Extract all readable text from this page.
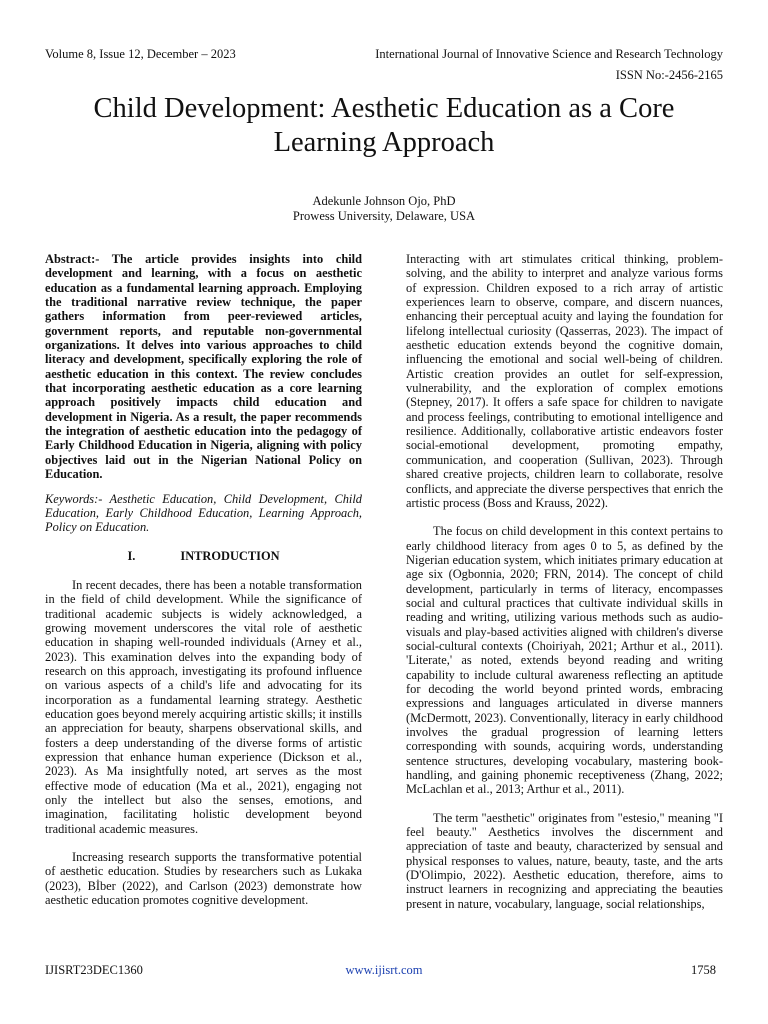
Volume 8, Issue 12, December – 2023	International Journal of Innovative Science and Research Technology
ISSN No:-2456-2165
Child Development: Aesthetic Education as a Core Learning Approach
Adekunle Johnson Ojo, PhD
Prowess University, Delaware, USA

Abstract:- The article provides insights into child development and learning, with a focus on aesthetic education as a fundamental learning approach. Employing the traditional narrative review technique, the paper gathers information from peer-reviewed articles, government reports, and reputable non-governmental organizations. It delves into various approaches to child literacy and development, specifically exploring the role of aesthetic education in this context. The review concludes that incorporating aesthetic education as a core learning approach positively impacts child education and development in Nigeria. As a result, the paper recommends the integration of aesthetic education into the pedagogy of Early Childhood Education in Nigeria, aligning with policy objectives laid out in the Nigerian National Policy on Education.

Keywords:- Aesthetic Education, Child Development, Child Education, Early Childhood Education, Learning Approach, Policy on Education.

I.	INTRODUCTION

In recent decades, there has been a notable transformation in the field of child development. While the significance of traditional academic subjects is widely acknowledged, a growing movement underscores the vital role of aesthetic education in shaping well-rounded individuals (Arney et al., 2023). This examination delves into the expanding body of research on this approach, investigating its profound influence on various aspects of a child's life and advocating for its incorporation as a fundamental learning strategy. Aesthetic education goes beyond merely acquiring artistic skills; it instills an appreciation for beauty, sharpens observational skills, and fosters a deep understanding of the diverse forms of artistic expression that enhance human experience (Dickson et al., 2023). As Ma insightfully noted, art serves as the most effective mode of education (Ma et al., 2021), engaging not only the intellect but also the senses, emotions, and imagination, facilitating holistic development beyond traditional academic measures.

Increasing research supports the transformative potential of aesthetic education. Studies by researchers such as Lukaka (2023), Bİber (2022), and Carlson (2023) demonstrate how aesthetic education promotes cognitive development.

Interacting with art stimulates critical thinking, problem-solving, and the ability to interpret and analyze various forms of expression. Children exposed to a rich array of artistic experiences learn to observe, compare, and discern nuances, enhancing their perceptual acuity and laying the foundation for lifelong intellectual curiosity (Qasserras, 2023). The impact of aesthetic education extends beyond the cognitive domain, influencing the emotional and social well-being of children. Artistic creation provides an outlet for self-expression, vulnerability, and the exploration of complex emotions (Stepney, 2017). It offers a safe space for children to navigate and process feelings, contributing to emotional intelligence and resilience. Additionally, collaborative artistic endeavors foster social-emotional development, promoting empathy, communication, and cooperation (Sullivan, 2023). Through shared creative projects, children learn to collaborate, resolve conflicts, and appreciate the diverse perspectives that enrich the artistic process (Boss and Krauss, 2022).

The focus on child development in this context pertains to early childhood literacy from ages 0 to 5, as defined by the Nigerian education system, which initiates primary education at age six (Ogbonnia, 2020; FRN, 2014). The concept of child development, particularly in terms of literacy, encompasses social and cultural practices that cultivate individual skills in reading and writing, utilizing various methods such as audio-visuals and play-based activities aligned with children's diverse social-cultural contexts (Choiriyah, 2021; Arthur et al., 2011). 'Literate,' as noted, extends beyond reading and writing capability to include cultural awareness reflecting an aptitude for decoding the world beyond printed words, embracing expressions and languages articulated in diverse manners (McDermott, 2023). Conventionally, literacy in early childhood involves the gradual progression of learning letters corresponding with sounds, acquiring words, understanding sentence structures, developing vocabulary, mastering book-handling, and gaining phonemic receptiveness (Zhang, 2022; McLachlan et al., 2013; Arthur et al., 2011).

The term "aesthetic" originates from "estesio," meaning "I feel beauty." Aesthetics involves the discernment and appreciation of taste and beauty, characterized by sensual and physical responses to values, nature, beauty, taste, and the arts (D'Olimpio, 2022). Aesthetic education, therefore, aims to instruct learners in recognizing and appreciating the beauties present in nature, vocabulary, language, social relationships,

IJISRT23DEC1360	www.ijisrt.com	1758
